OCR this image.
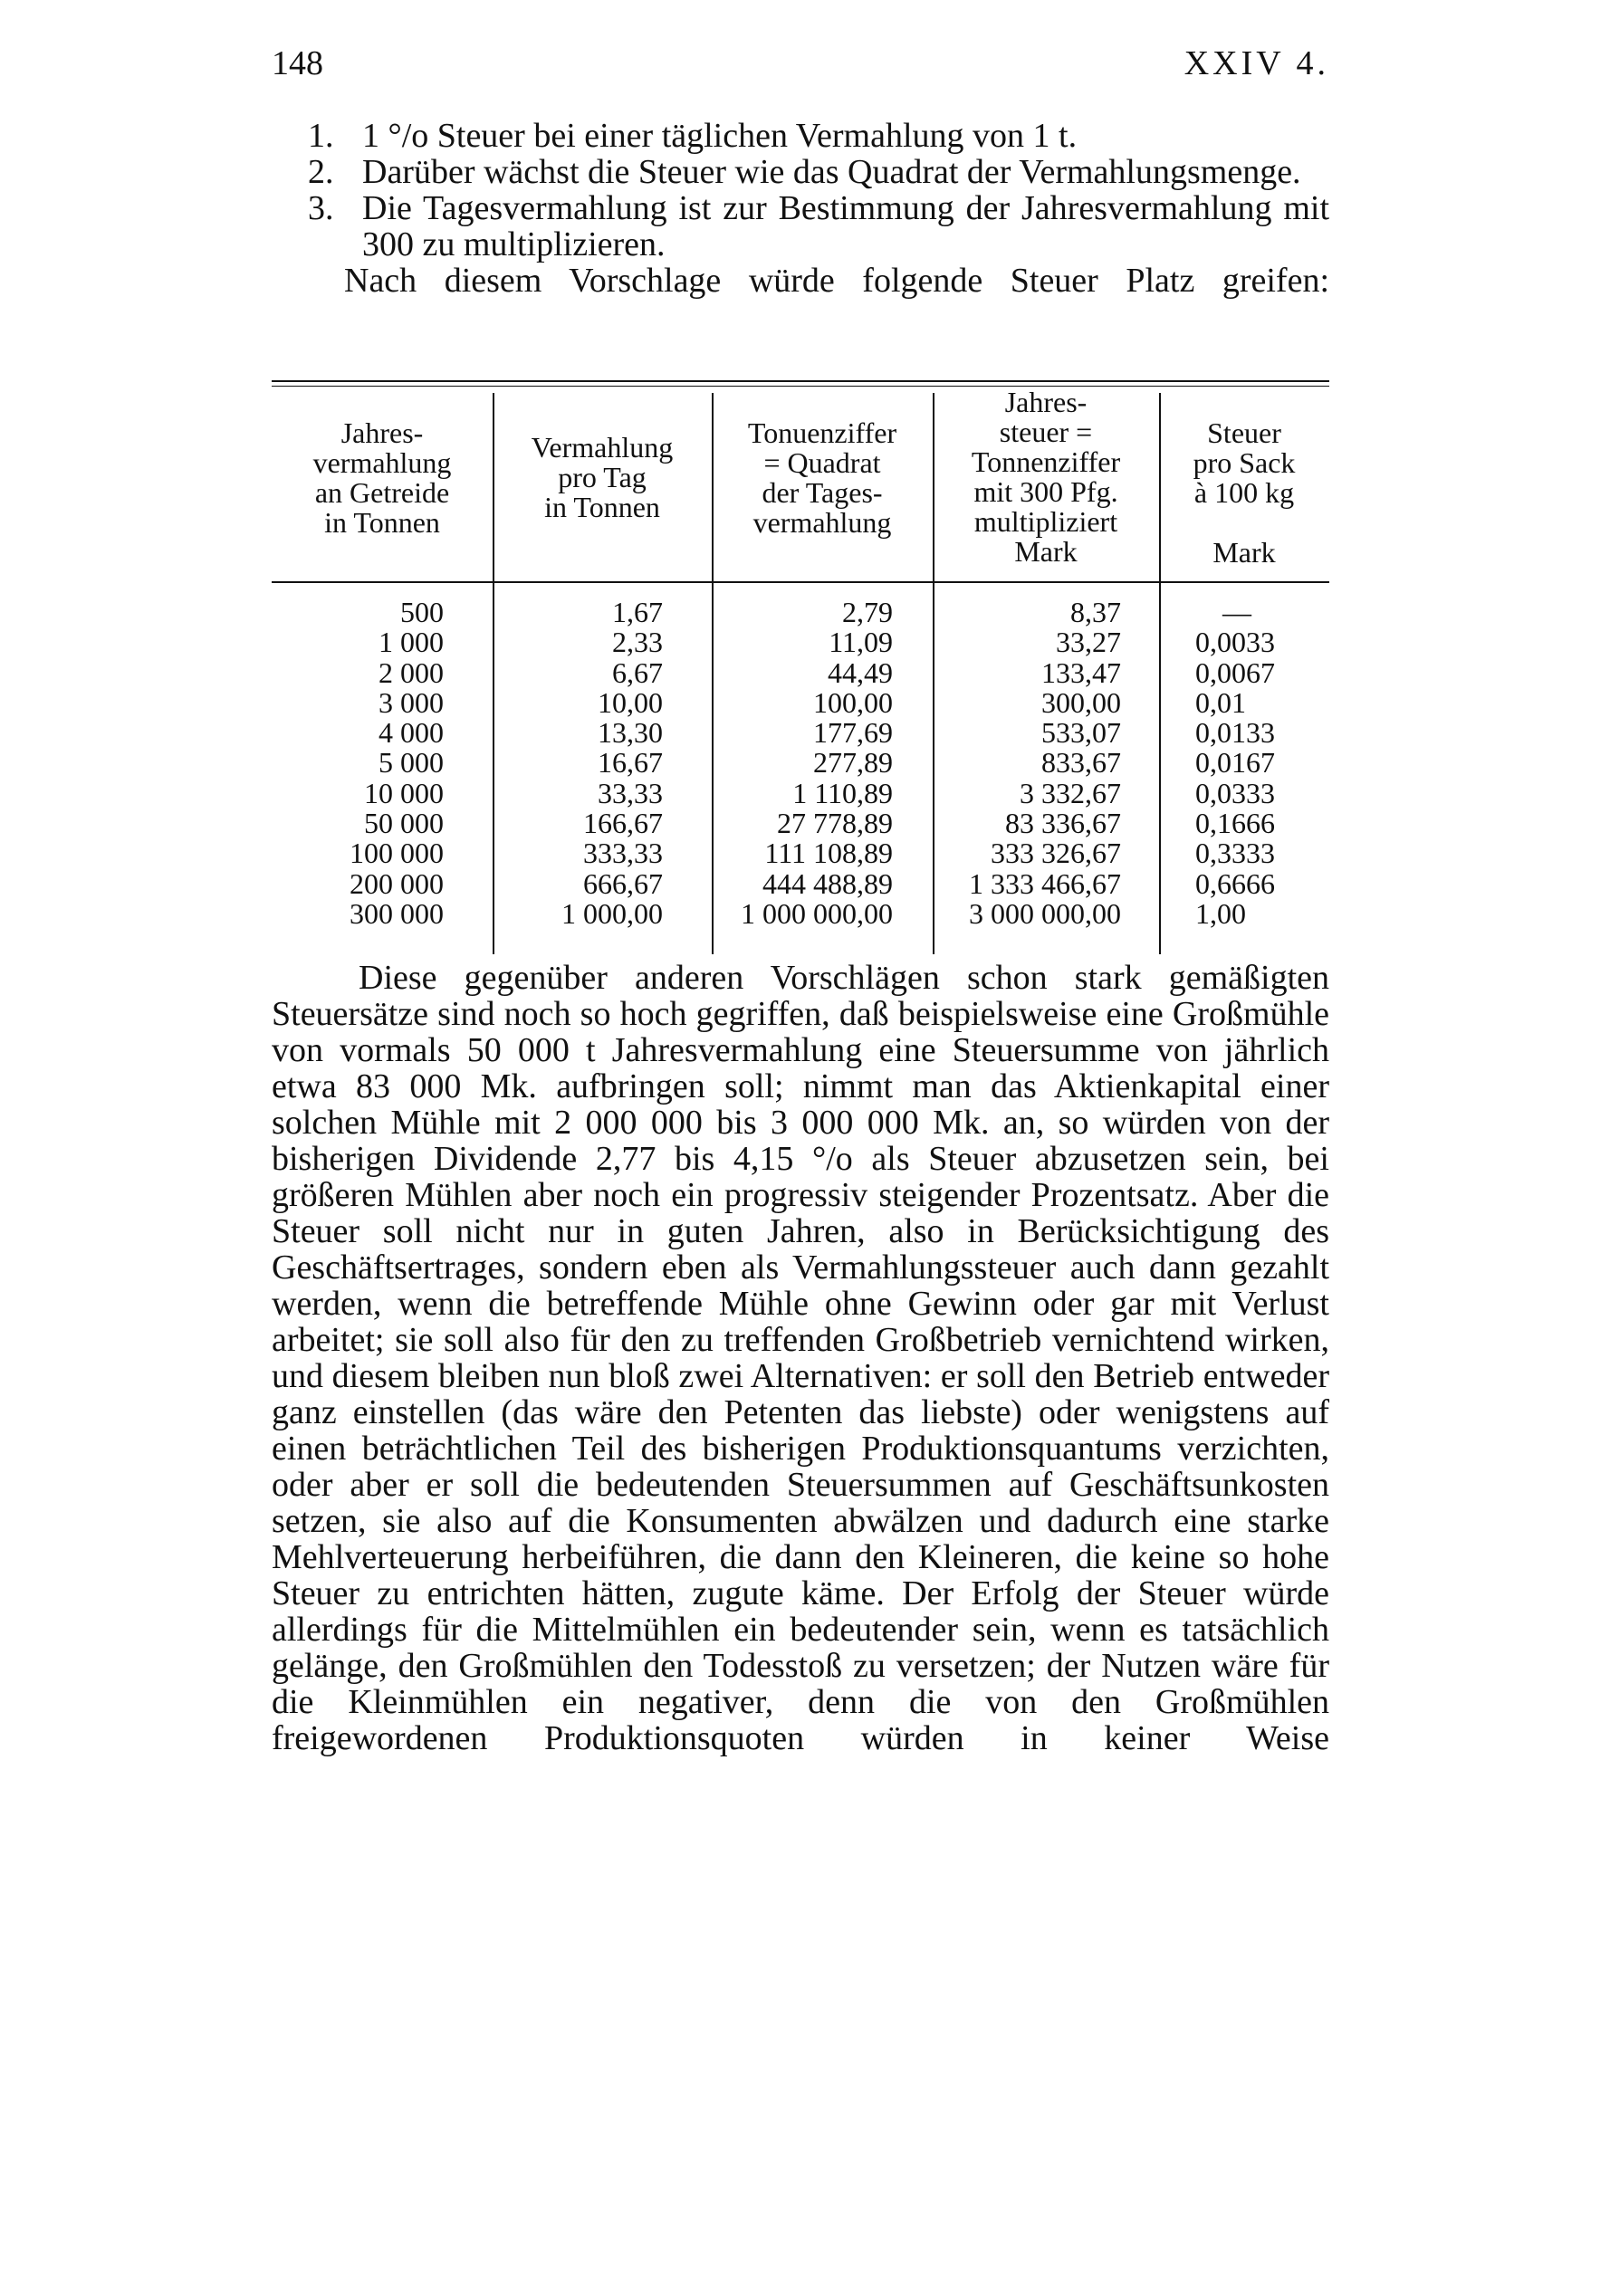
148	XXIV 4.
1. 1 °/o Steuer bei einer täglichen Vermahlung von 1 t.
2. Darüber wächst die Steuer wie das Quadrat der Vermahlungsmenge.
3. Die Tagesvermahlung ist zur Bestimmung der Jahresvermahlung mit 300 zu multiplizieren.
Nach diesem Vorschlage würde folgende Steuer Platz greifen:
Jahres-
vermahlung
an Getreide
in Tonnen
Vermahlung
pro Tag
in Tonnen
Tonuenziffer
= Quadrat
der Tages-
vermahlung
Jahres-
steuer =
Tonnenziffer
mit 300 Pfg.
multipliziert
Mark
Steuer
pro Sack
à 100 kg

Mark
500
1 000
2 000
3 000
4 000
5 000
10 000
50 000
100 000
200 000
300 000
1,67
2,33
6,67
10,00
13,30
16,67
33,33
166,67
333,33
666,67
1 000,00
2,79
11,09
44,49
100,00
177,69
277,89
1 110,89
27 778,89
111 108,89
444 488,89
1 000 000,00
8,37
33,27
133,47
300,00
533,07
833,67
3 332,67
83 336,67
333 326,67
1 333 466,67
3 000 000,00
—
0,0033
0,0067
0,01
0,0133
0,0167
0,0333
0,1666
0,3333
0,6666
1,00

Diese gegenüber anderen Vorschlägen schon stark gemäßigten Steuersätze sind noch so hoch gegriffen, daß beispielsweise eine Großmühle von vormals 50 000 t Jahresvermahlung eine Steuersumme von jährlich etwa 83 000 Mk. aufbringen soll; nimmt man das Aktienkapital einer solchen Mühle mit 2 000 000 bis 3 000 000 Mk. an, so würden von der bisherigen Dividende 2,77 bis 4,15 °/o als Steuer abzusetzen sein, bei größeren Mühlen aber noch ein progressiv steigender Prozentsatz. Aber die Steuer soll nicht nur in guten Jahren, also in Berücksichtigung des Geschäftsertrages, sondern eben als Vermahlungssteuer auch dann gezahlt werden, wenn die betreffende Mühle ohne Gewinn oder gar mit Verlust arbeitet; sie soll also für den zu treffenden Großbetrieb vernichtend wirken, und diesem bleiben nun bloß zwei Alternativen: er soll den Betrieb entweder ganz einstellen (das wäre den Petenten das liebste) oder wenigstens auf einen beträchtlichen Teil des bisherigen Produktionsquantums verzichten, oder aber er soll die bedeutenden Steuersummen auf Geschäftsunkosten setzen, sie also auf die Konsumenten abwälzen und dadurch eine starke Mehlverteuerung herbeiführen, die dann den Kleineren, die keine so hohe Steuer zu entrichten hätten, zugute käme. Der Erfolg der Steuer würde allerdings für die Mittelmühlen ein bedeutender sein, wenn es tatsächlich gelänge, den Großmühlen den Todesstoß zu versetzen; der Nutzen wäre für die Kleinmühlen ein negativer, denn die von den Großmühlen freigewordenen Produktionsquoten würden in keiner Weise
